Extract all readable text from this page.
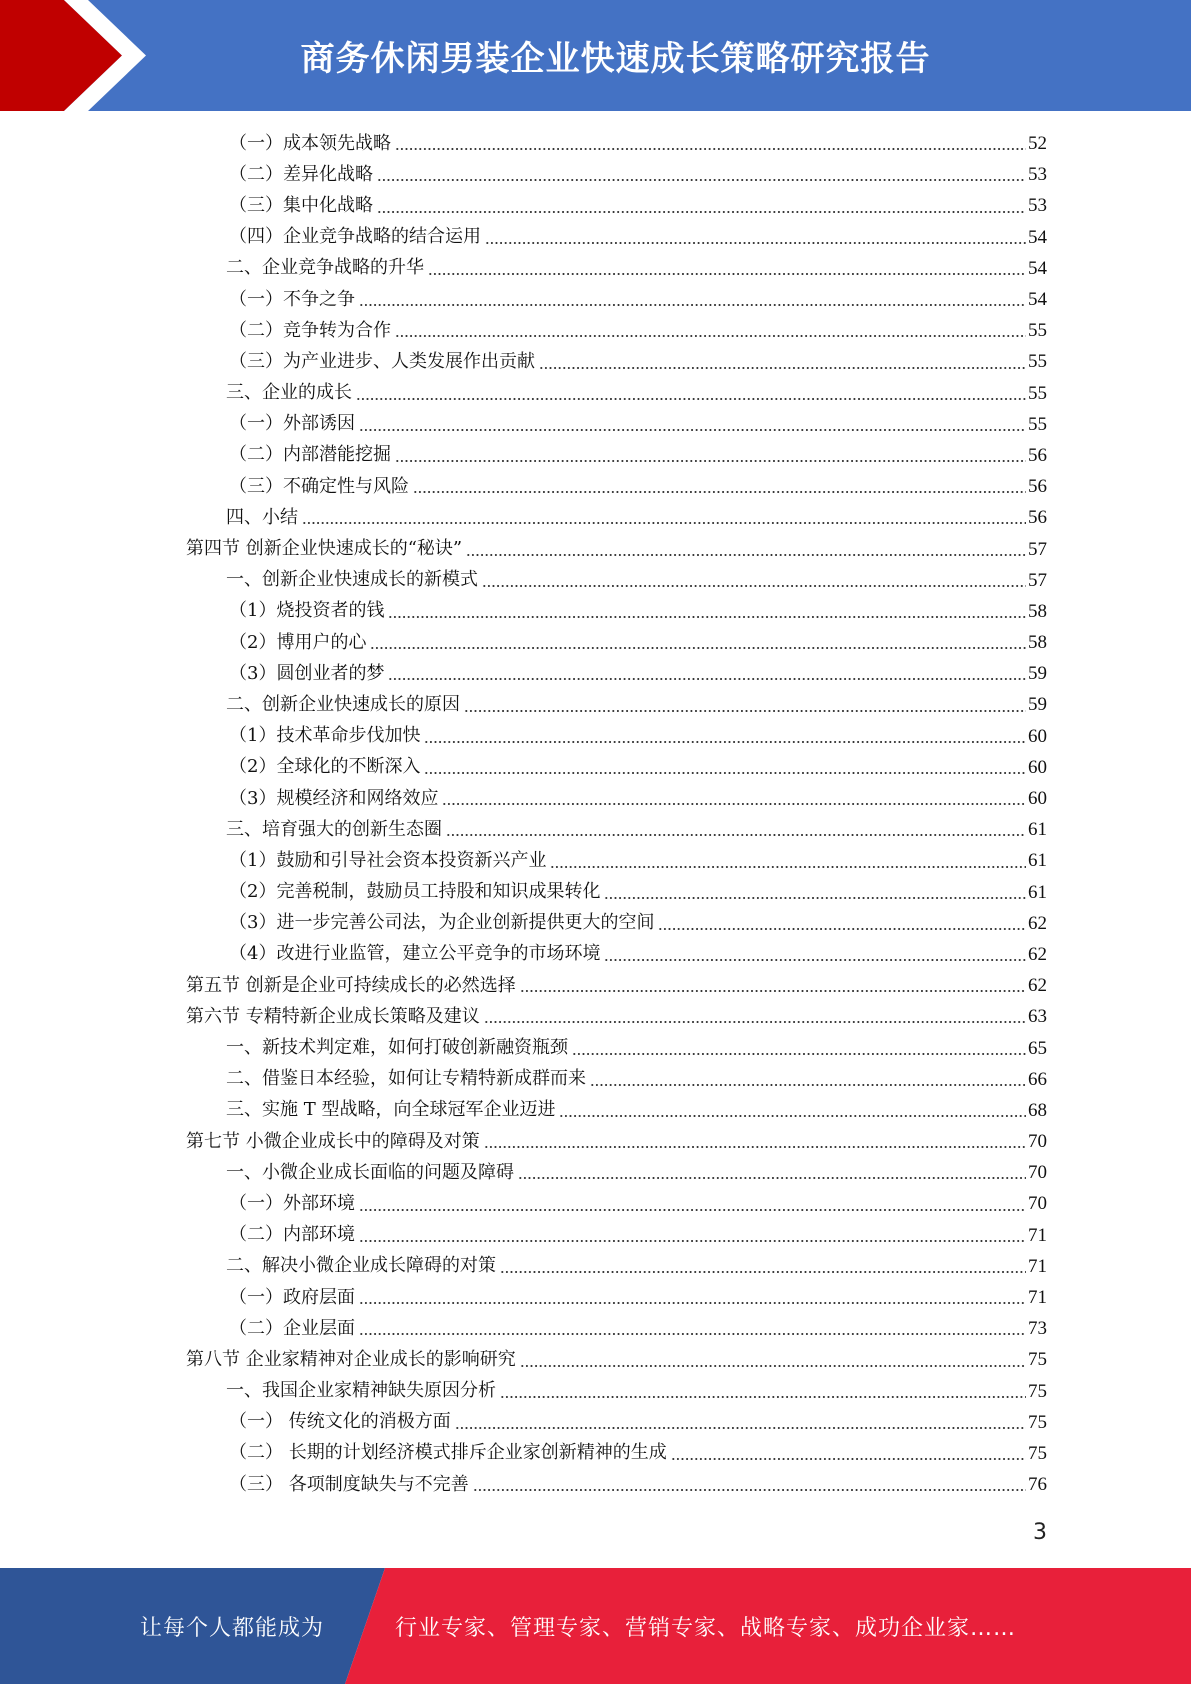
商务休闲男装企业快速成长策略研究报告
（一）成本领先战略	52
（二）差异化战略	53
（三）集中化战略	53
（四）企业竞争战略的结合运用	54
二、企业竞争战略的升华	54
（一）不争之争	54
（二）竞争转为合作	55
（三）为产业进步、人类发展作出贡献	55
三、企业的成长	55
（一）外部诱因	55
（二）内部潜能挖掘	56
（三）不确定性与风险	56
四、小结	56
第四节 创新企业快速成长的“秘诀”	57
一、创新企业快速成长的新模式	57
（1）烧投资者的钱	58
（2）博用户的心	58
（3）圆创业者的梦	59
二、创新企业快速成长的原因	59
（1）技术革命步伐加快	60
（2）全球化的不断深入	60
（3）规模经济和网络效应	60
三、培育强大的创新生态圈	61
（1）鼓励和引导社会资本投资新兴产业	61
（2）完善税制，鼓励员工持股和知识成果转化	61
（3）进一步完善公司法，为企业创新提供更大的空间	62
（4）改进行业监管，建立公平竞争的市场环境	62
第五节 创新是企业可持续成长的必然选择	62
第六节 专精特新企业成长策略及建议	63
一、新技术判定难，如何打破创新融资瓶颈	65
二、借鉴日本经验，如何让专精特新成群而来	66
三、实施 T 型战略，向全球冠军企业迈进	68
第七节 小微企业成长中的障碍及对策	70
一、小微企业成长面临的问题及障碍	70
（一）外部环境	70
（二）内部环境	71
二、解决小微企业成长障碍的对策	71
（一）政府层面	71
（二）企业层面	73
第八节 企业家精神对企业成长的影响研究	75
一、我国企业家精神缺失原因分析	75
（一） 传统文化的消极方面	75
（二） 长期的计划经济模式排斥企业家创新精神的生成	75
（三） 各项制度缺失与不完善	76
3
让每个人都能成为	行业专家、管理专家、营销专家、战略专家、成功企业家……
